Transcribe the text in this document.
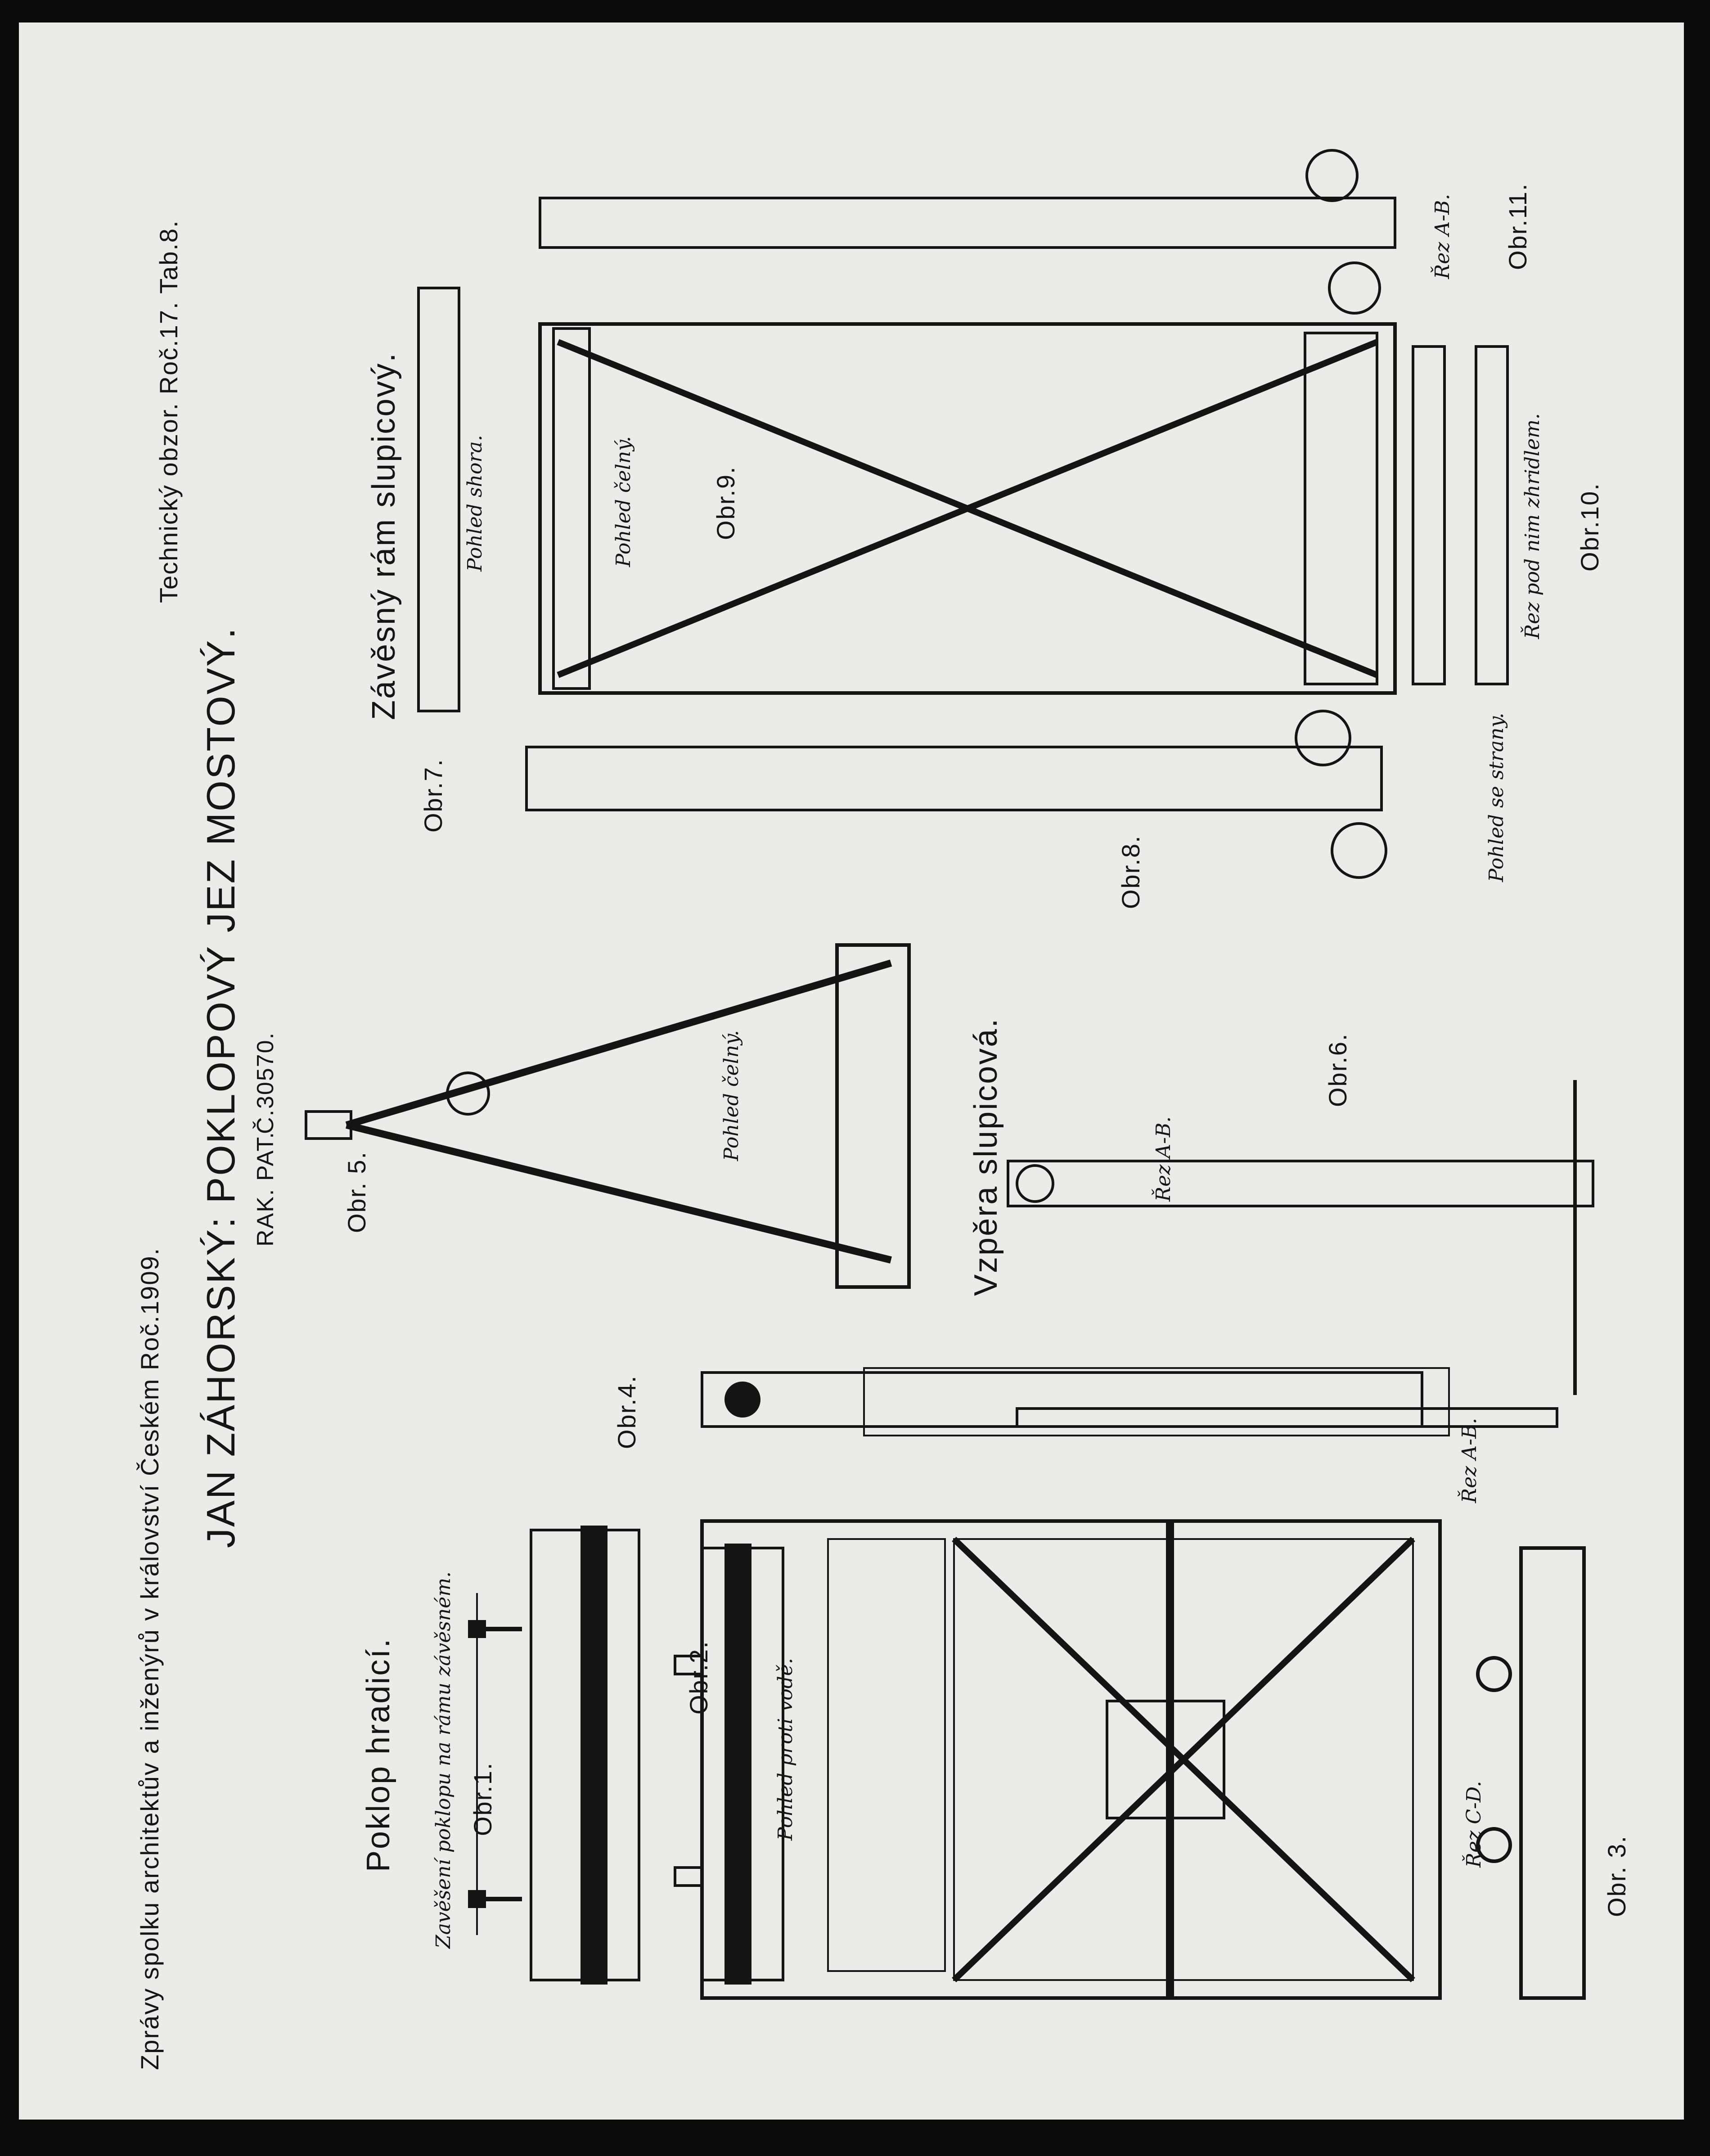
Zprávy spolku architektův a inženýrů v království Českém Roč.1909.
Technický obzor. Roč.17. Tab.8.
JAN ZÁHORSKÝ: POKLOPOVÝ JEZ MOSTOVÝ. RAK. PAT.
Č.30570.
Poklop hradicí.
Vzpěra slupicová.
Závěsný rám slupicový.
Obr.1.
Obr.2.
Obr. 3.
Obr.4.
Obr. 5.
Obr.6.
Obr.7.
Obr.8.
Obr.9.	Obr.10.
Obr.11.
Zavěšení poklopu na rámu závěsném.	Pohled proti vodě.	Řez C-D.
Řez A-B.
Pohled čelný.	Řez A-B.
Pohled shora.	Pohled čelný.
Pohled se strany.
Řez pod nim zhridlem.
Řez A-B.
